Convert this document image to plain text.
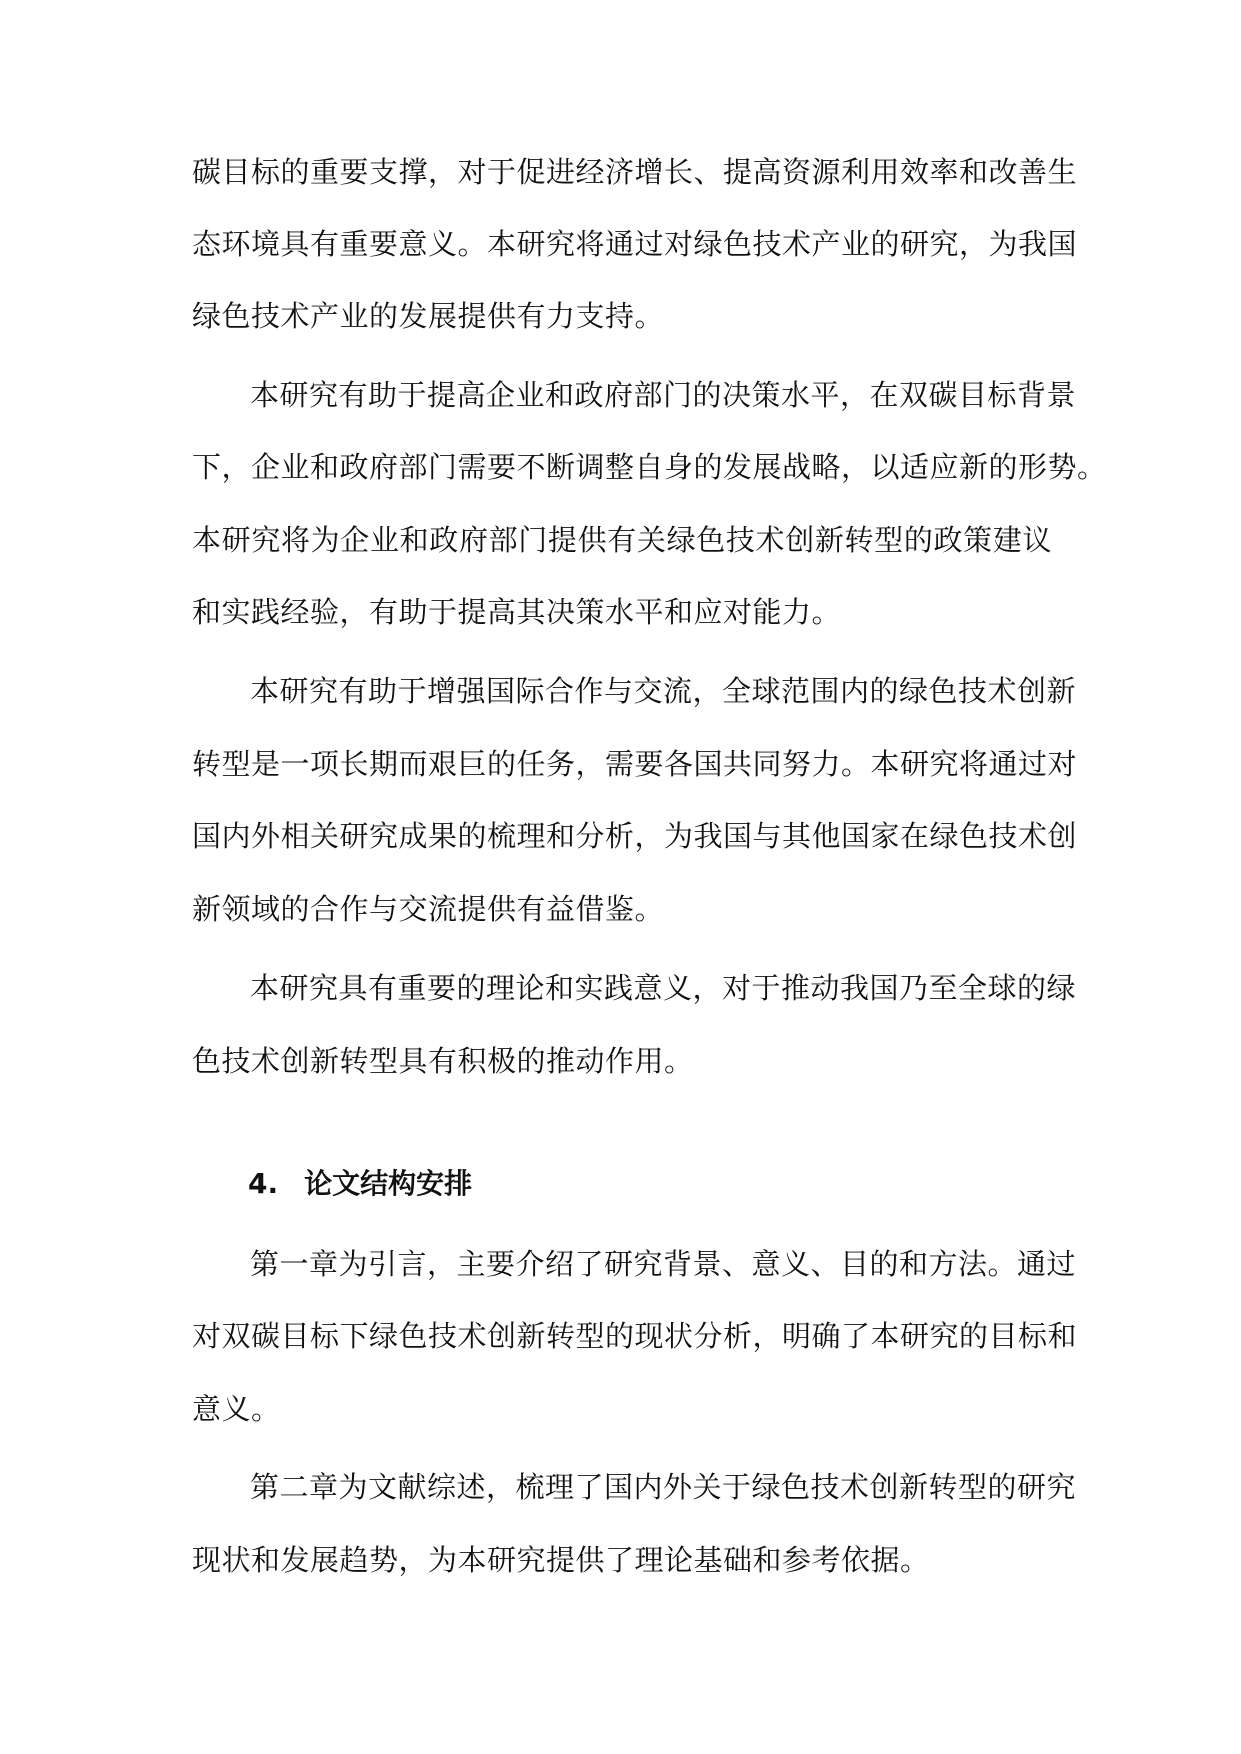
碳目标的重要支撑，对于促进经济增长、提高资源利用效率和改善生
态环境具有重要意义。本研究将通过对绿色技术产业的研究，为我国
绿色技术产业的发展提供有力支持。
本研究有助于提高企业和政府部门的决策水平，在双碳目标背景
下，企业和政府部门需要不断调整自身的发展战略，以适应新的形势。
本研究将为企业和政府部门提供有关绿色技术创新转型的政策建议
和实践经验，有助于提高其决策水平和应对能力。
本研究有助于增强国际合作与交流，全球范围内的绿色技术创新
转型是一项长期而艰巨的任务，需要各国共同努力。本研究将通过对
国内外相关研究成果的梳理和分析，为我国与其他国家在绿色技术创
新领域的合作与交流提供有益借鉴。
本研究具有重要的理论和实践意义，对于推动我国乃至全球的绿
色技术创新转型具有积极的推动作用。
4. 论文结构安排
第一章为引言，主要介绍了研究背景、意义、目的和方法。通过
对双碳目标下绿色技术创新转型的现状分析，明确了本研究的目标和
意义。
第二章为文献综述，梳理了国内外关于绿色技术创新转型的研究
现状和发展趋势，为本研究提供了理论基础和参考依据。
